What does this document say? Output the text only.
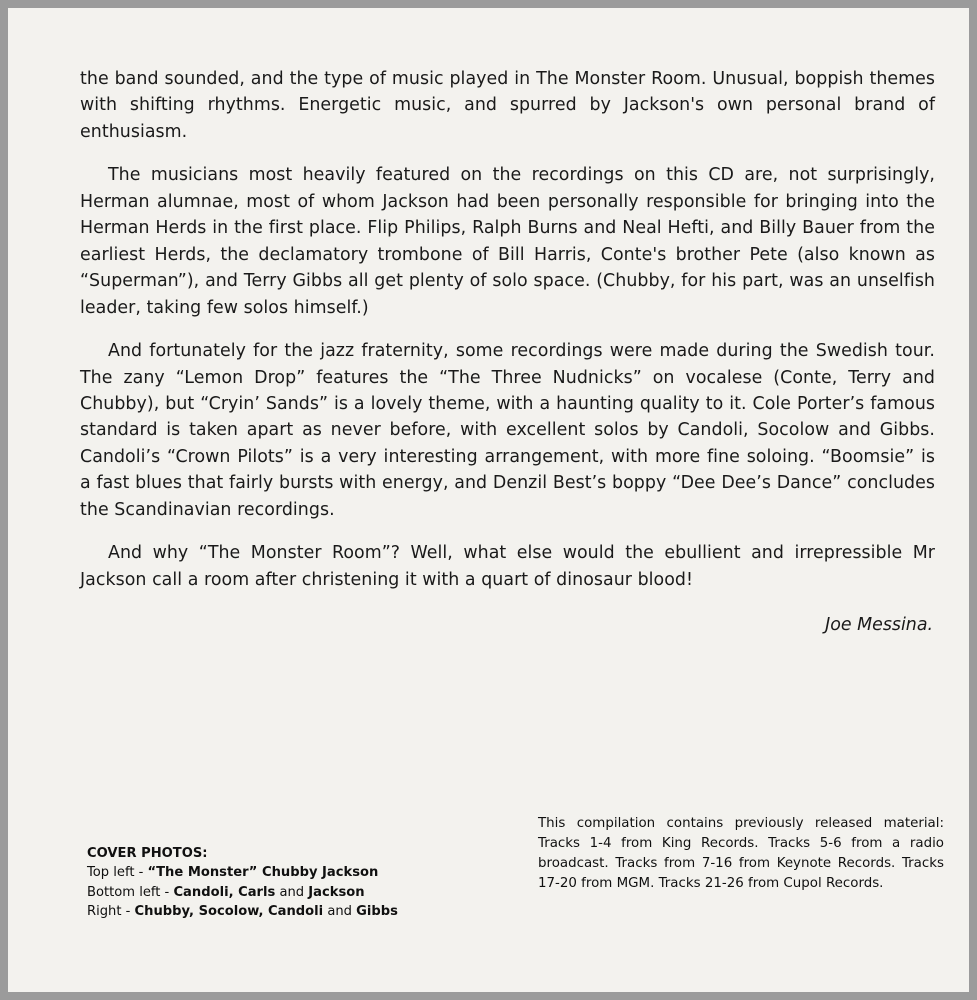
the band sounded, and the type of music played in The Monster Room. Unusual, boppish themes with shifting rhythms. Energetic music, and spurred by Jackson's own personal brand of enthusiasm.

The musicians most heavily featured on the recordings on this CD are, not surprisingly, Herman alumnae, most of whom Jackson had been personally responsible for bringing into the Herman Herds in the first place. Flip Philips, Ralph Burns and Neal Hefti, and Billy Bauer from the earliest Herds, the declamatory trombone of Bill Harris, Conte's brother Pete (also known as “Superman”), and Terry Gibbs all get plenty of solo space. (Chubby, for his part, was an unselfish leader, taking few solos himself.)

And fortunately for the jazz fraternity, some recordings were made during the Swedish tour. The zany “Lemon Drop” features the “The Three Nudnicks” on vocalese (Conte, Terry and Chubby), but “Cryin’ Sands” is a lovely theme, with a haunting quality to it. Cole Porter’s famous standard is taken apart as never before, with excellent solos by Candoli, Socolow and Gibbs. Candoli’s “Crown Pilots” is a very interesting arrangement, with more fine soloing. “Boomsie” is a fast blues that fairly bursts with energy, and Denzil Best’s boppy “Dee Dee’s Dance” concludes the Scandinavian recordings.

And why “The Monster Room”? Well, what else would the ebullient and irrepressible Mr Jackson call a room after christening it with a quart of dinosaur blood!

Joe Messina.
COVER PHOTOS:
Top left - “The Monster” Chubby Jackson
Bottom left - Candoli, Carls and Jackson
Right - Chubby, Socolow, Candoli and Gibbs
This compilation contains previously released material: Tracks 1-4 from King Records. Tracks 5-6 from a radio broadcast. Tracks from 7-16 from Keynote Records. Tracks 17-20 from MGM. Tracks 21-26 from Cupol Records.
